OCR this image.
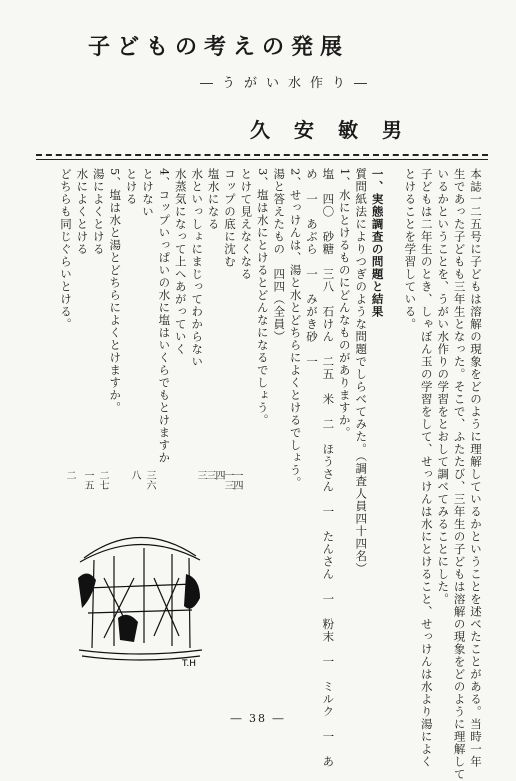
子どもの考えの発展
―うがい水作り―
久安敏男
本誌一二五号に子どもは溶解の現象をどのように理解しているかということを述べたことがある。当時一年
生であった子どもも三年生となった。そこで、ふたたび、三年生の子どもは溶解の現象をどのように理解して
いるかということを、うがい水作りの学習をとおして調べてみることにした。
子どもは二年生のとき、しゃぼん玉の学習をして、せっけんは水にとけること、せっけんは水より湯によく
とけることを学習している。
一、実態調査の問題と結果
質問紙法によりつぎのような問題でしらべてみた。（調査人員四十四名）
1、水にとけるものにどんなものがありますか。
塩　四〇　砂糖　三八　石けん　二五　米　二　ほうさん　一　たんさん　一　粉末　一　ミルク　一　あ
め　一　あぶら　一　みがき砂　一
2、せっけんは、湯と水とどちらによくとけるでしょう。
湯と答えたもの　四四（全員）
3、塩は水にとけるとどんなになるでしょう。
とけて見えなくなる
コップの底に沈む
塩水になる
水といっしょにまじってわからない
水蒸気になって上へあがっていく
4、コップいっぱいの水に塩はいくらでもとけますか
とけない
とける
5、塩は水と湯とどちらによくとけますか。
湯によくとける
水によくとける
どちらも同じぐらいとける。
一四
一三
四
三
三
三六
八
二七
一五
二
T.H
― 38 ―
